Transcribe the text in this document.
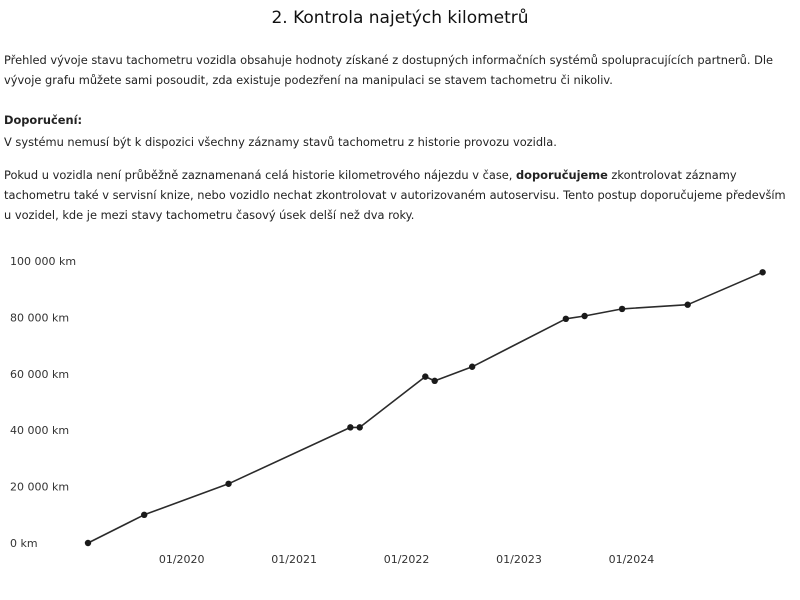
2. Kontrola najetých kilometrů
Přehled vývoje stavu tachometru vozidla obsahuje hodnoty získané z dostupných informačních systémů spolupracujících partnerů. Dle vývoje grafu můžete sami posoudit, zda existuje podezření na manipulaci se stavem tachometru či nikoliv.
Doporučení:
V systému nemusí být k dispozici všechny záznamy stavů tachometru z historie provozu vozidla.
Pokud u vozidla není průběžně zaznamenaná celá historie kilometrového nájezdu v čase, doporučujeme zkontrolovat záznamy tachometru také v servisní knize, nebo vozidlo nechat zkontrolovat v autorizovaném autoservisu. Tento postup doporučujeme především u vozidel, kde je mezi stavy tachometru časový úsek delší než dva roky.
0 km
20 000 km
40 000 km
60 000 km
80 000 km
100 000 km
01/2020	01/2021	01/2022	01/2023	01/2024
